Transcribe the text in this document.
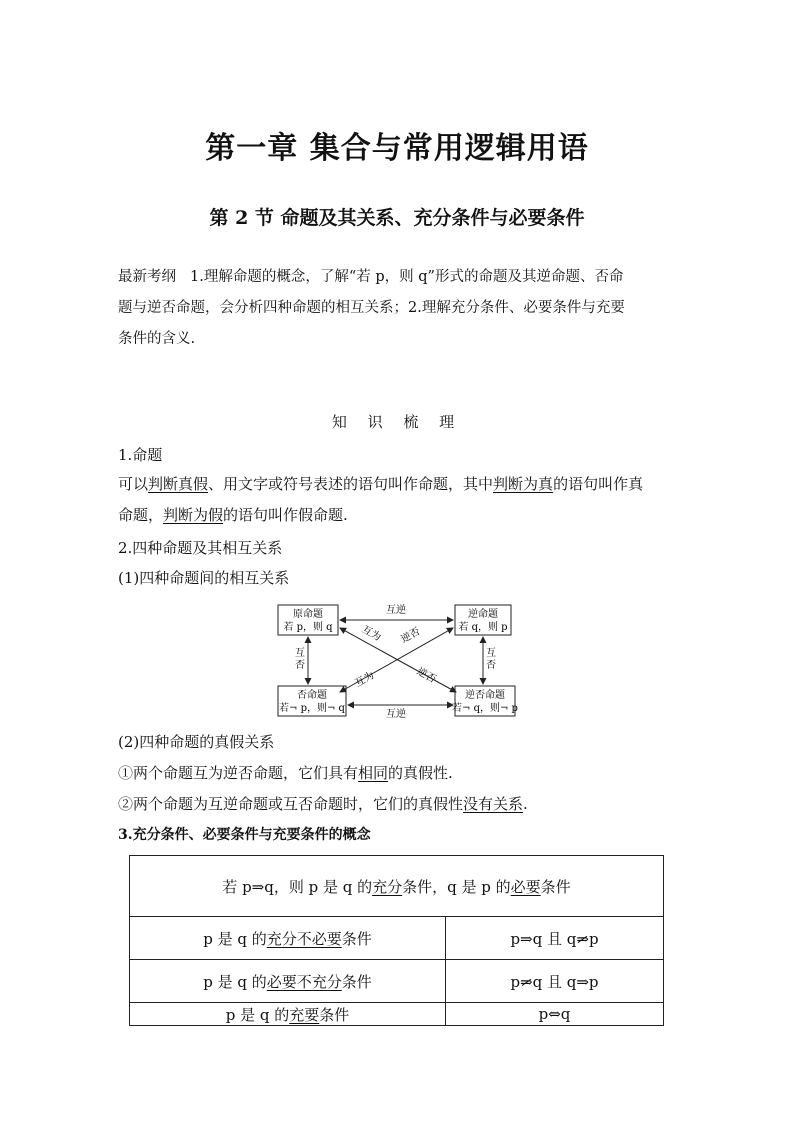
第一章 集合与常用逻辑用语
第 2 节 命题及其关系、充分条件与必要条件
最新考纲 1.理解命题的概念，了解“若 p，则 q”形式的命题及其逆命题、否命
题与逆否命题，会分析四种命题的相互关系；2.理解充分条件、必要条件与充要
条件的含义.
知 识 梳 理
1.命题
可以判断真假、用文字或符号表述的语句叫作命题，其中判断为真的语句叫作真
命题，判断为假的语句叫作假命题.
2.四种命题及其相互关系
(1)四种命题间的相互关系
原命题
若 p，则 q
逆命题
若 q，则 p
否命题
若¬ p，则¬ q
逆否命题
若¬ q，则¬ p
互逆
互逆
互
否
互
否
互为 逆否
互为	逆否
(2)四种命题的真假关系
①两个命题互为逆否命题，它们具有相同的真假性.
②两个命题为互逆命题或互否命题时，它们的真假性没有关系.
3.充分条件、必要条件与充要条件的概念
若 p⇒q，则 p 是 q 的充分条件，q 是 p 的必要条件	
p 是 q 的充分不必要条件	p⇒q 且 q⇒p
p 是 q 的必要不充分条件	p⇒q 且 q⇒p
p 是 q 的充要条件	p⇔q
